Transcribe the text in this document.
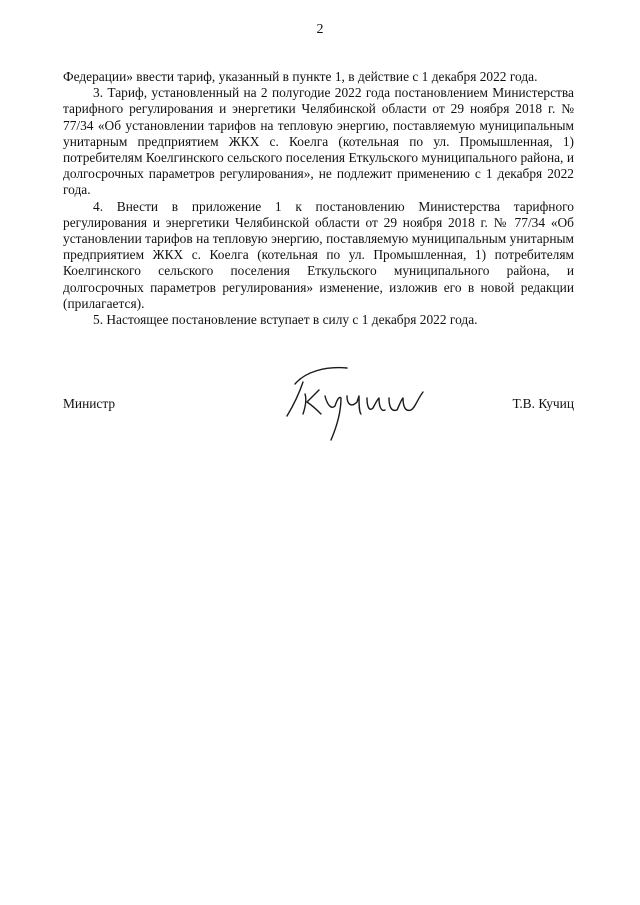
2

Федерации» ввести тариф, указанный в пункте 1, в действие с 1 декабря 2022 года.

3. Тариф, установленный на 2 полугодие 2022 года постановлением Министерства тарифного регулирования и энергетики Челябинской области от 29 ноября 2018 г. № 77/34 «Об установлении тарифов на тепловую энергию, поставляемую муниципальным унитарным предприятием ЖКХ с. Коелга (котельная по ул. Промышленная, 1) потребителям Коелгинского сельского поселения Еткульского муниципального района, и долгосрочных параметров регулирования», не подлежит применению с 1 декабря 2022 года.

4. Внести в приложение 1 к постановлению Министерства тарифного регулирования и энергетики Челябинской области от 29 ноября 2018 г. № 77/34 «Об установлении тарифов на тепловую энергию, поставляемую муниципальным унитарным предприятием ЖКХ с. Коелга (котельная по ул. Промышленная, 1) потребителям Коелгинского сельского поселения Еткульского муниципального района, и долгосрочных параметров регулирования» изменение, изложив его в новой редакции (прилагается).

5. Настоящее постановление вступает в силу с 1 декабря 2022 года.

Министр	Т.В. Кучиц
